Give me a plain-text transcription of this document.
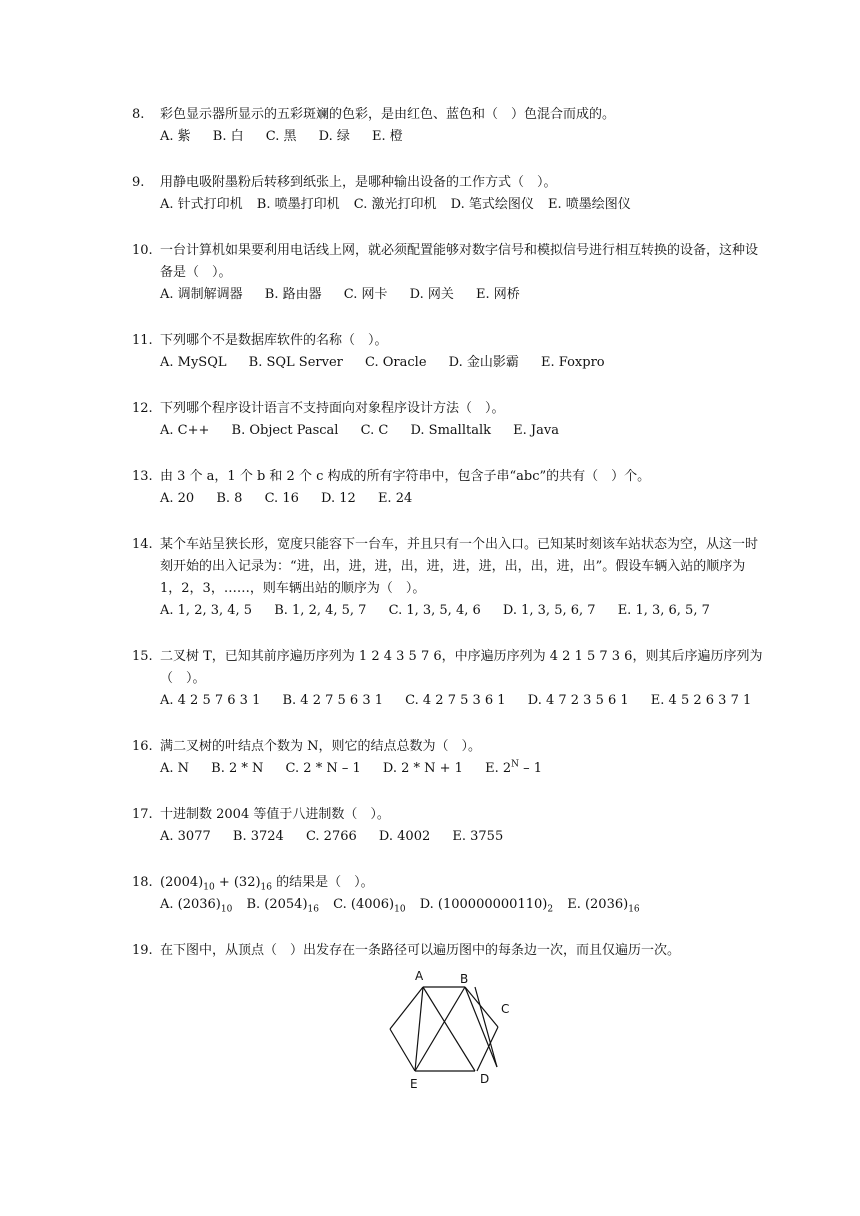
8.	彩色显示器所显示的五彩斑斓的色彩，是由红色、蓝色和（　）色混合而成的。
A. 紫 B. 白 C. 黑 D. 绿 E. 橙
9.	用静电吸附墨粉后转移到纸张上，是哪种输出设备的工作方式（　）。
A. 针式打印机 B. 喷墨打印机 C. 激光打印机 D. 笔式绘图仪 E. 喷墨绘图仪
10. 一台计算机如果要利用电话线上网，就必须配置能够对数字信号和模拟信号进行相互转换的设备，这种设备是（　）。
A. 调制解调器 B. 路由器 C. 网卡 D. 网关 E. 网桥
11. 下列哪个不是数据库软件的名称（　）。
A. MySQL B. SQL Server C. Oracle D. 金山影霸 E. Foxpro
12. 下列哪个程序设计语言不支持面向对象程序设计方法（　）。
A. C++ B. Object Pascal C. C D. Smalltalk E. Java
13. 由 3 个 a，1 个 b 和 2 个 c 构成的所有字符串中，包含子串“abc”的共有（　）个。
A. 20 B. 8 C. 16 D. 12 E. 24
14. 某个车站呈狭长形，宽度只能容下一台车，并且只有一个出入口。已知某时刻该车站状态为空，从这一时刻开始的出入记录为：“进，出，进，进，出，进，进，进，出，出，进，出”。假设车辆入站的顺序为 1，2，3，……，则车辆出站的顺序为（　）。
A. 1, 2, 3, 4, 5 B. 1, 2, 4, 5, 7 C. 1, 3, 5, 4, 6 D. 1, 3, 5, 6, 7 E. 1, 3, 6, 5, 7
15. 二叉树 T，已知其前序遍历序列为 1 2 4 3 5 7 6，中序遍历序列为 4 2 1 5 7 3 6，则其后序遍历序列为（　）。
A. 4 2 5 7 6 3 1 B. 4 2 7 5 6 3 1 C. 4 2 7 5 3 6 1 D. 4 7 2 3 5 6 1 E. 4 5 2 6 3 7 1
16. 满二叉树的叶结点个数为 N，则它的结点总数为（　）。
A. N B. 2 * N C. 2 * N – 1 D. 2 * N + 1 E. $2^N - 1$
17. 十进制数 2004 等值于八进制数（　）。
A. 3077 B. 3724 C. 2766 D. 4002 E. 3755
18. $(2004)_{10} + (32)_{16}$ 的结果是（　）。
A. $(2036)_{10}$ B. $(2054)_{16}$ C. $(4006)_{10}$ D. $(100000000110)_2$ E. $(2036)_{16}$
19. 在下图中，从顶点（　）出发存在一条路径可以遍历图中的每条边一次，而且仅遍历一次。
A	B
C
D
E
